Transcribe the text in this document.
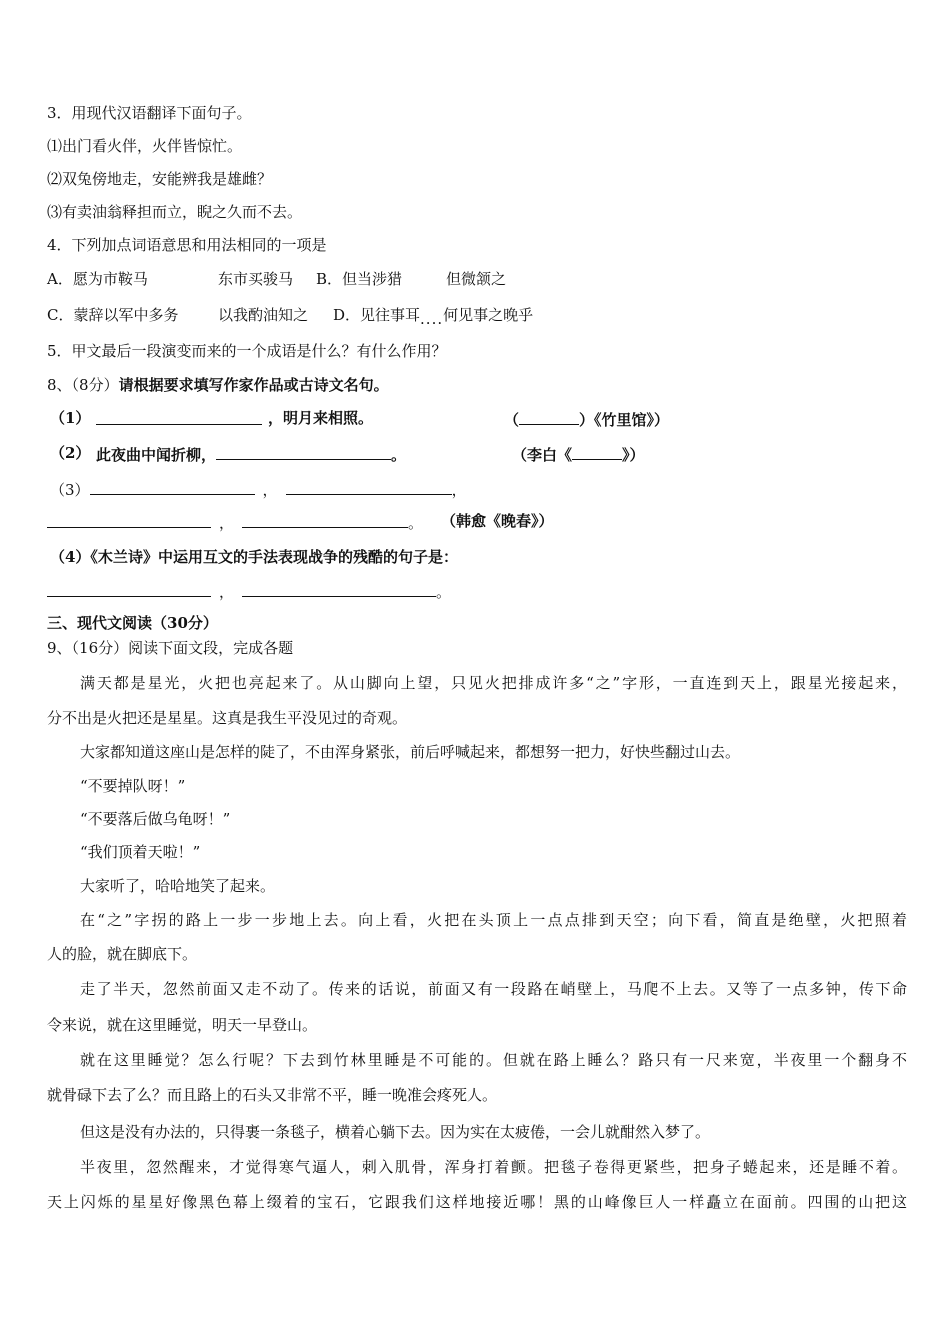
3．用现代汉语翻译下面句子。
⑴出门看火伴，火伴皆惊忙。
⑵双兔傍地走，安能辨我是雄雌？
⑶有卖油翁释担而立，睨之久而不去。
4．下列加点词语意思和用法相同的一项是
A．愿为市鞍马	东市买骏马 B．但当涉猎	但微颔之
C．蒙辞以军中多务	以我酌油知之 D．见往事耳....何见事之晚乎
5．甲文最后一段演变而来的一个成语是什么？有什么作用？
8、（8分）请根据要求填写作家作品或古诗文名句。
（1）	，明月来相照。	（	）《竹里馆》）
（2） 此夜曲中闻折柳，	。	（李白《	》）
（3）	，	，
，	。 （韩愈《晚春》）
（4）《木兰诗》中运用互文的手法表现战争的残酷的句子是：
，	。
三、现代文阅读（30分）
9、（16分）阅读下面文段，完成各题
满天都是星光，火把也亮起来了。从山脚向上望，只见火把排成许多“之”字形，一直连到天上，跟星光接起来，
分不出是火把还是星星。这真是我生平没见过的奇观。
大家都知道这座山是怎样的陡了，不由浑身紧张，前后呼喊起来，都想努一把力，好快些翻过山去。
“不要掉队呀！”
“不要落后做乌龟呀！”
“我们顶着天啦！”
大家听了，哈哈地笑了起来。
在“之”字拐的路上一步一步地上去。向上看，火把在头顶上一点点排到天空；向下看，简直是绝壁，火把照着
人的脸，就在脚底下。
走了半天，忽然前面又走不动了。传来的话说，前面又有一段路在峭壁上，马爬不上去。又等了一点多钟，传下命
令来说，就在这里睡觉，明天一早登山。
就在这里睡觉？怎么行呢？下去到竹林里睡是不可能的。但就在路上睡么？路只有一尺来宽，半夜里一个翻身不
就骨碌下去了么？而且路上的石头又非常不平，睡一晚准会疼死人。
但这是没有办法的，只得裹一条毯子，横着心躺下去。因为实在太疲倦，一会儿就酣然入梦了。
半夜里，忽然醒来，才觉得寒气逼人，刺入肌骨，浑身打着颤。把毯子卷得更紧些，把身子蜷起来，还是睡不着。
天上闪烁的星星好像黑色幕上缀着的宝石，它跟我们这样地接近哪！黑的山峰像巨人一样矗立在面前。四围的山把这
